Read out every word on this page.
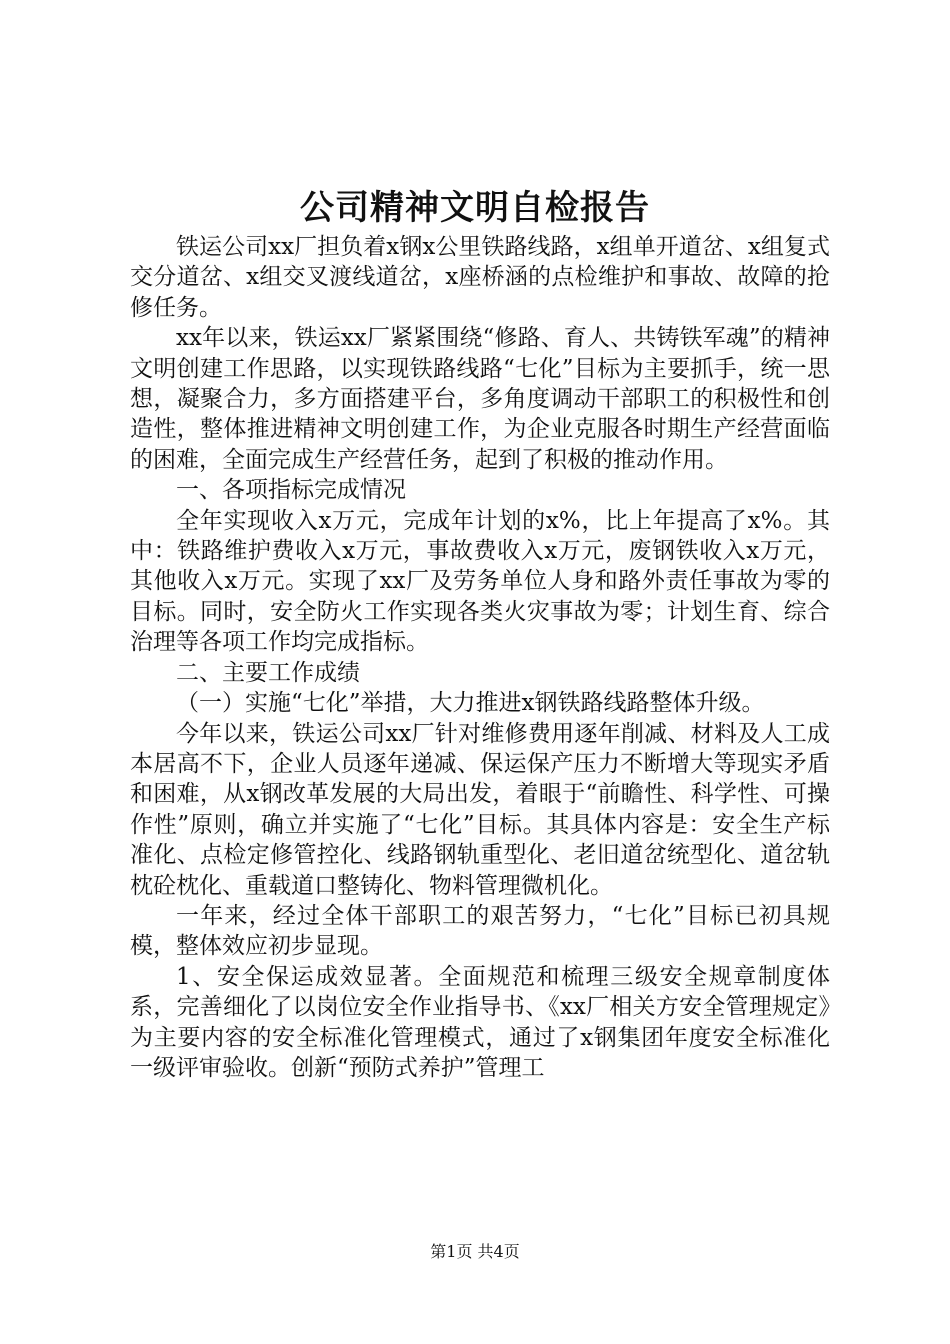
公司精神文明自检报告

铁运公司xx厂担负着x钢x公里铁路线路，x组单开道岔、x组复式交分道岔、x组交叉渡线道岔，x座桥涵的点检维护和事故、故障的抢修任务。

xx年以来，铁运xx厂紧紧围绕“修路、育人、共铸铁军魂”的精神文明创建工作思路，以实现铁路线路“七化”目标为主要抓手，统一思想，凝聚合力，多方面搭建平台，多角度调动干部职工的积极性和创造性，整体推进精神文明创建工作，为企业克服各时期生产经营面临的困难，全面完成生产经营任务，起到了积极的推动作用。

一、各项指标完成情况

全年实现收入x万元，完成年计划的x%，比上年提高了x%。其中：铁路维护费收入x万元，事故费收入x万元，废钢铁收入x万元，其他收入x万元。实现了xx厂及劳务单位人身和路外责任事故为零的目标。同时，安全防火工作实现各类火灾事故为零；计划生育、综合治理等各项工作均完成指标。

二、主要工作成绩

（一）实施“七化”举措，大力推进x钢铁路线路整体升级。

今年以来，铁运公司xx厂针对维修费用逐年削减、材料及人工成本居高不下，企业人员逐年递减、保运保产压力不断增大等现实矛盾和困难，从x钢改革发展的大局出发，着眼于“前瞻性、科学性、可操作性”原则，确立并实施了“七化”目标。其具体内容是：安全生产标准化、点检定修管控化、线路钢轨重型化、老旧道岔统型化、道岔轨枕砼枕化、重载道口整铸化、物料管理微机化。

一年来，经过全体干部职工的艰苦努力，“七化”目标已初具规模，整体效应初步显现。

1、安全保运成效显著。全面规范和梳理三级安全规章制度体系，完善细化了以岗位安全作业指导书、《xx厂相关方安全管理规定》为主要内容的安全标准化管理模式，通过了x钢集团年度安全标准化一级评审验收。创新“预防式养护”管理工

第1页 共4页
